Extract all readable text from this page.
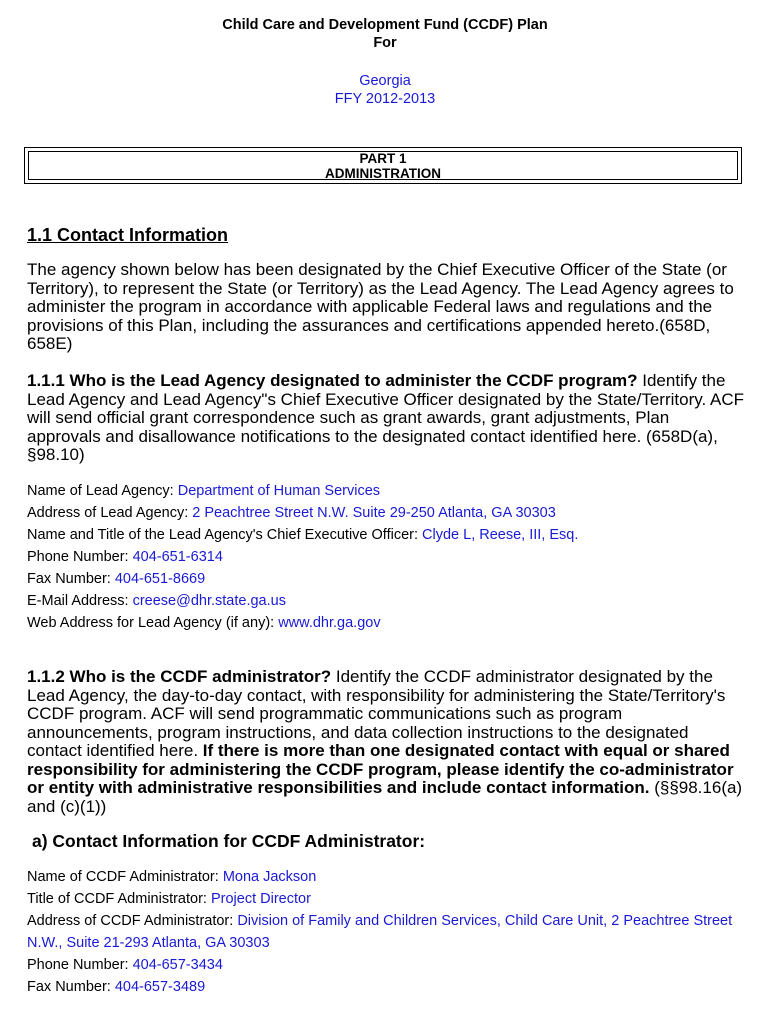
Child Care and Development Fund (CCDF) Plan
For
Georgia
FFY 2012-2013
PART 1
ADMINISTRATION
1.1 Contact Information
The agency shown below has been designated by the Chief Executive Officer of the State (or Territory), to represent the State (or Territory) as the Lead Agency. The Lead Agency agrees to administer the program in accordance with applicable Federal laws and regulations and the provisions of this Plan, including the assurances and certifications appended hereto.(658D, 658E)
1.1.1 Who is the Lead Agency designated to administer the CCDF program? Identify the Lead Agency and Lead Agency"s Chief Executive Officer designated by the State/Territory. ACF will send official grant correspondence such as grant awards, grant adjustments, Plan approvals and disallowance notifications to the designated contact identified here. (658D(a), §98.10)
Name of Lead Agency: Department of Human Services
Address of Lead Agency: 2 Peachtree Street N.W. Suite 29-250 Atlanta, GA 30303
Name and Title of the Lead Agency's Chief Executive Officer: Clyde L, Reese, III, Esq.
Phone Number: 404-651-6314
Fax Number: 404-651-8669
E-Mail Address: creese@dhr.state.ga.us
Web Address for Lead Agency (if any): www.dhr.ga.gov
1.1.2 Who is the CCDF administrator? Identify the CCDF administrator designated by the Lead Agency, the day-to-day contact, with responsibility for administering the State/Territory's CCDF program. ACF will send programmatic communications such as program announcements, program instructions, and data collection instructions to the designated contact identified here. If there is more than one designated contact with equal or shared responsibility for administering the CCDF program, please identify the co-administrator or entity with administrative responsibilities and include contact information. (§§98.16(a) and (c)(1))
a) Contact Information for CCDF Administrator:
Name of CCDF Administrator: Mona Jackson
Title of CCDF Administrator: Project Director
Address of CCDF Administrator: Division of Family and Children Services, Child Care Unit, 2 Peachtree Street N.W., Suite 21-293 Atlanta, GA 30303
Phone Number: 404-657-3434
Fax Number: 404-657-3489
